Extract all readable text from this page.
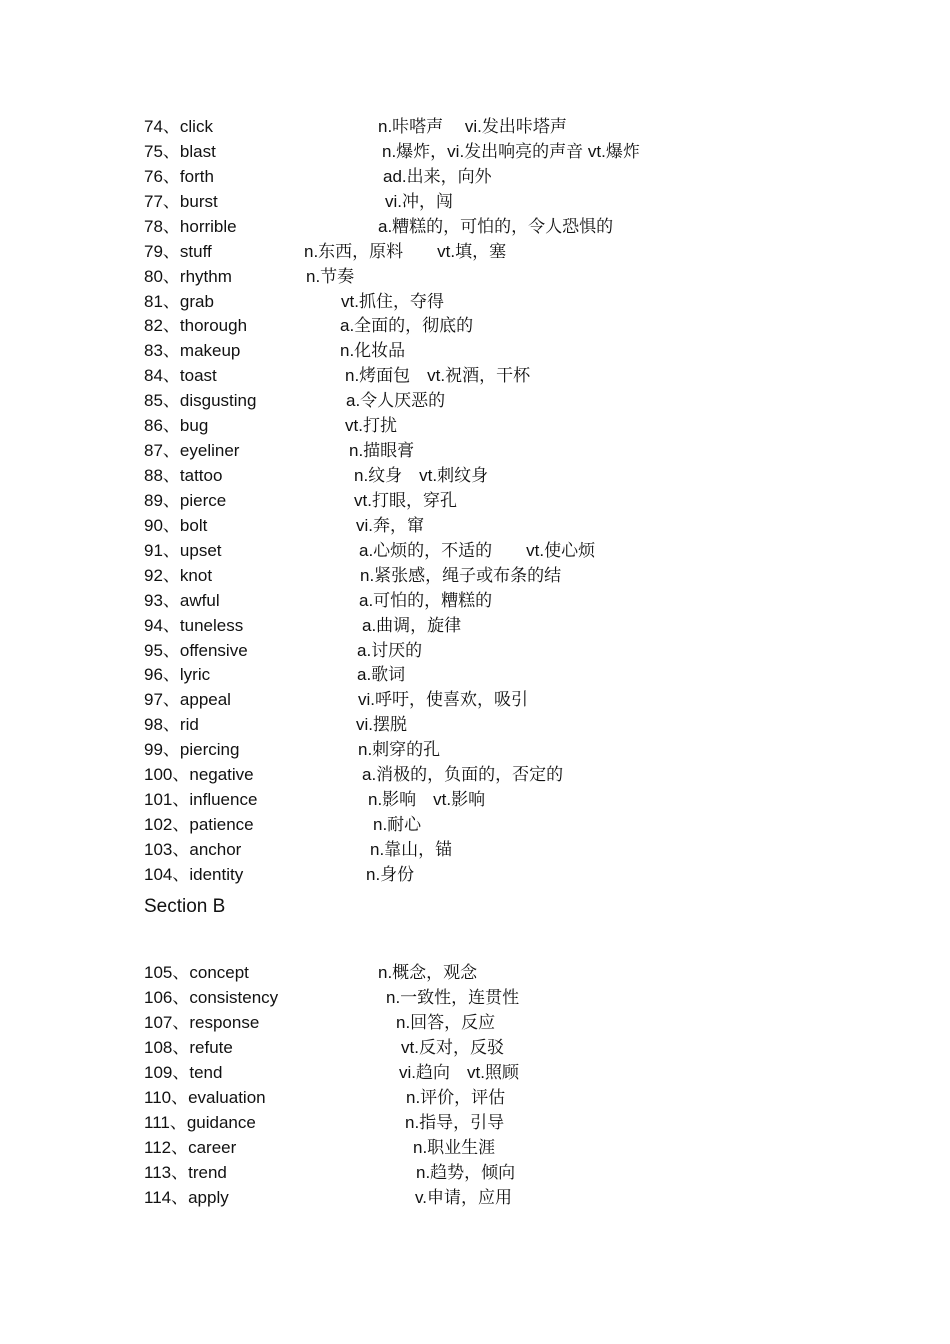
74、click	n.咔嗒声　 vi.发出咔塔声
75、blast	n.爆炸，vi.发出响亮的声音 vt.爆炸
76、forth	ad.出来，向外
77、burst	vi.冲，闯
78、horrible	a.糟糕的，可怕的，令人恐惧的
79、stuff	n.东西，原料　　vt.填，塞
80、rhythm	n.节奏
81、grab	vt.抓住，夺得
82、thorough	a.全面的，彻底的
83、makeup	n.化妆品
84、toast	n.烤面包　vt.祝酒，干杯
85、disgusting	a.令人厌恶的
86、bug	vt.打扰
87、eyeliner	n.描眼膏
88、tattoo	n.纹身　vt.刺纹身
89、pierce	vt.打眼，穿孔
90、bolt	vi.奔，窜
91、upset	a.心烦的，不适的　　vt.使心烦
92、knot	n.紧张感，绳子或布条的结
93、awful	a.可怕的，糟糕的
94、tuneless	a.曲调，旋律
95、offensive	a.讨厌的
96、lyric	a.歌词
97、appeal	vi.呼吁，使喜欢，吸引
98、rid	vi.摆脱
99、piercing	n.刺穿的孔
100、negative	a.消极的，负面的，否定的
101、influence	n.影响　vt.影响
102、patience	n.耐心
103、anchor	n.靠山，锚
104、identity	n.身份
Section B
105、concept	n.概念，观念
106、consistency	n.一致性，连贯性
107、response	n.回答，反应
108、refute	vt.反对，反驳
109、tend	vi.趋向　vt.照顾
110、evaluation	n.评价，评估
111、guidance	n.指导，引导
112、career	n.职业生涯
113、trend	n.趋势，倾向
114、apply	v.申请，应用
